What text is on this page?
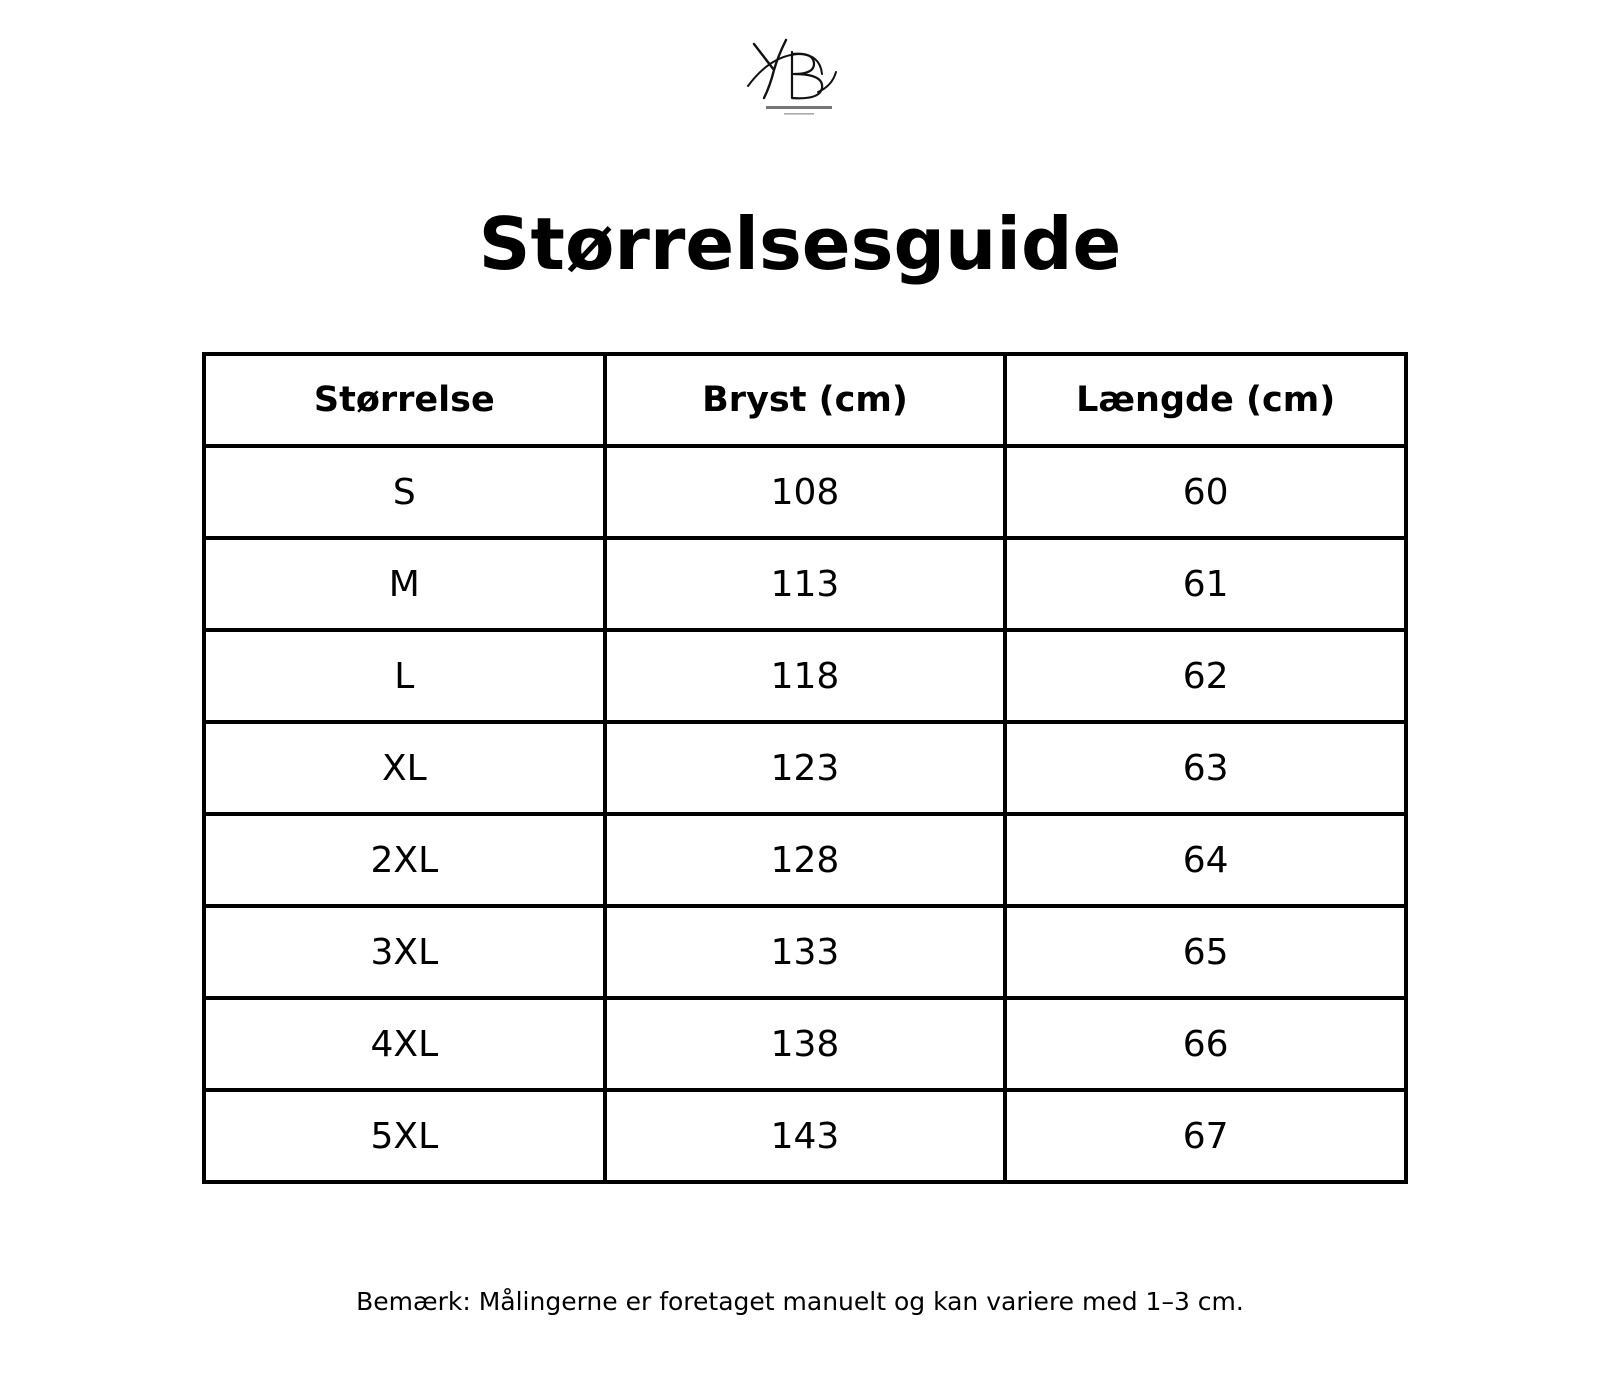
Størrelsesguide
Størrelse	Bryst (cm)	Længde (cm)
S	108	60
M	113	61
L	118	62
XL	123	63
2XL	128	64
3XL	133	65
4XL	138	66
5XL	143	67
Bemærk: Målingerne er foretaget manuelt og kan variere med 1–3 cm.
